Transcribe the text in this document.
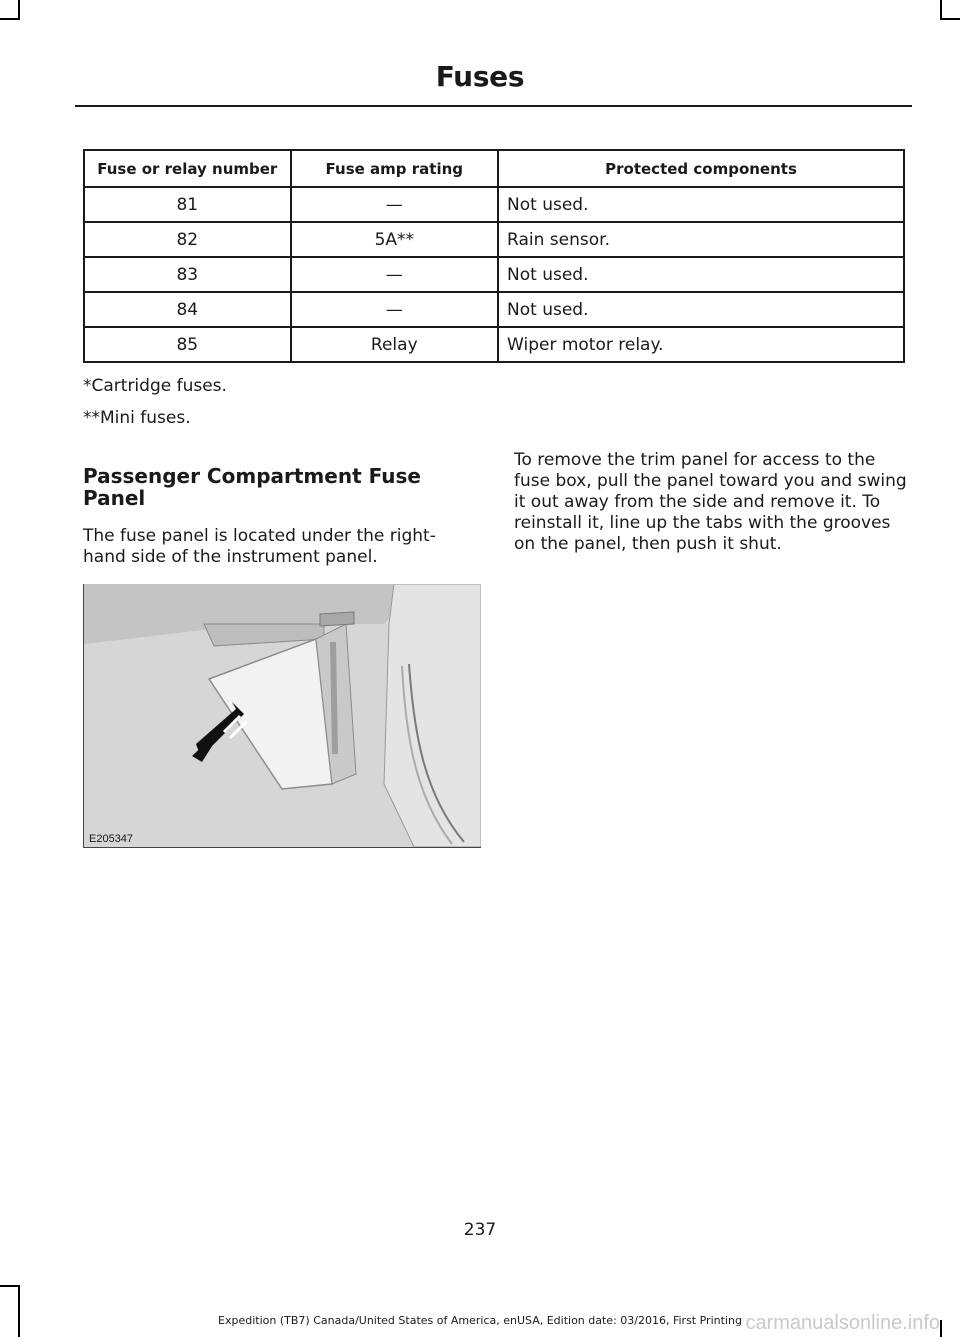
Fuses
Fuse or relay number	Fuse amp rating	Protected components
81	—	Not used.
82	5A**	Rain sensor.
83	—	Not used.
84	—	Not used.
85	Relay	Wiper motor relay.
*Cartridge fuses.
**Mini fuses.
Passenger Compartment Fuse Panel
The fuse panel is located under the right-hand side of the instrument panel.
To remove the trim panel for access to the fuse box, pull the panel toward you and swing it out away from the side and remove it. To reinstall it, line up the tabs with the grooves on the panel, then push it shut.
E205347
237
Expedition (TB7) Canada/United States of America, enUSA, Edition date: 03/2016, First Printing carmanualsonline.info
